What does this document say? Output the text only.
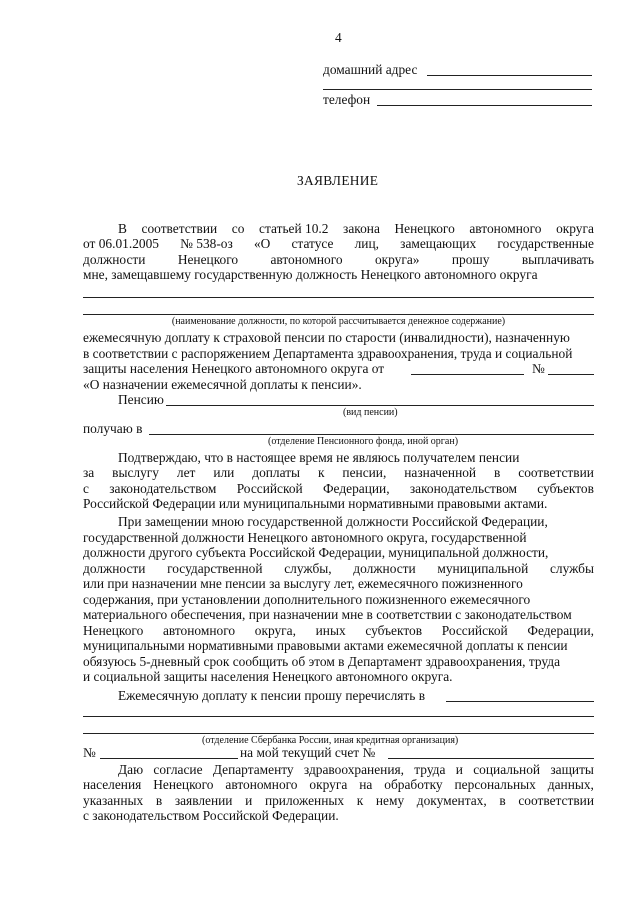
4
домашний адрес
телефон
ЗАЯВЛЕНИЕ
В соответствии со статьей 10.2 закона Ненецкого автономного округа
от 06.01.2005 № 538-оз «О статусе лиц, замещающих государственные
должности Ненецкого автономного округа» прошу выплачивать
мне, замещавшему государственную должность Ненецкого автономного округа
(наименование должности, по которой рассчитывается денежное содержание)
ежемесячную доплату к страховой пенсии по старости (инвалидности), назначенную
в соответствии с распоряжением Департамента здравоохранения, труда и социальной
защиты населения Ненецкого автономного округа от	№
«О назначении ежемесячной доплаты к пенсии».
Пенсию
(вид пенсии)
получаю в
(отделение Пенсионного фонда, иной орган)
Подтверждаю, что в настоящее время не являюсь получателем пенсии
за выслугу лет или доплаты к пенсии, назначенной в соответствии
с законодательством Российской Федерации, законодательством субъектов
Российской Федерации или муниципальными нормативными правовыми актами.
При замещении мною государственной должности Российской Федерации,
государственной должности Ненецкого автономного округа, государственной
должности другого субъекта Российской Федерации, муниципальной должности,
должности государственной службы, должности муниципальной службы
или при назначении мне пенсии за выслугу лет, ежемесячного пожизненного
содержания, при установлении дополнительного пожизненного ежемесячного
материального обеспечения, при назначении мне в соответствии с законодательством
Ненецкого автономного округа, иных субъектов Российской Федерации,
муниципальными нормативными правовыми актами ежемесячной доплаты к пенсии
обязуюсь 5-дневный срок сообщить об этом в Департамент здравоохранения, труда
и социальной защиты населения Ненецкого автономного округа.
Ежемесячную доплату к пенсии прошу перечислять в
(отделение Сбербанка России, иная кредитная организация)
№	на мой текущий счет №
Даю согласие Департаменту здравоохранения, труда и социальной защиты
населения Ненецкого автономного округа на обработку персональных данных,
указанных в заявлении и приложенных к нему документах, в соответствии
с законодательством Российской Федерации.
